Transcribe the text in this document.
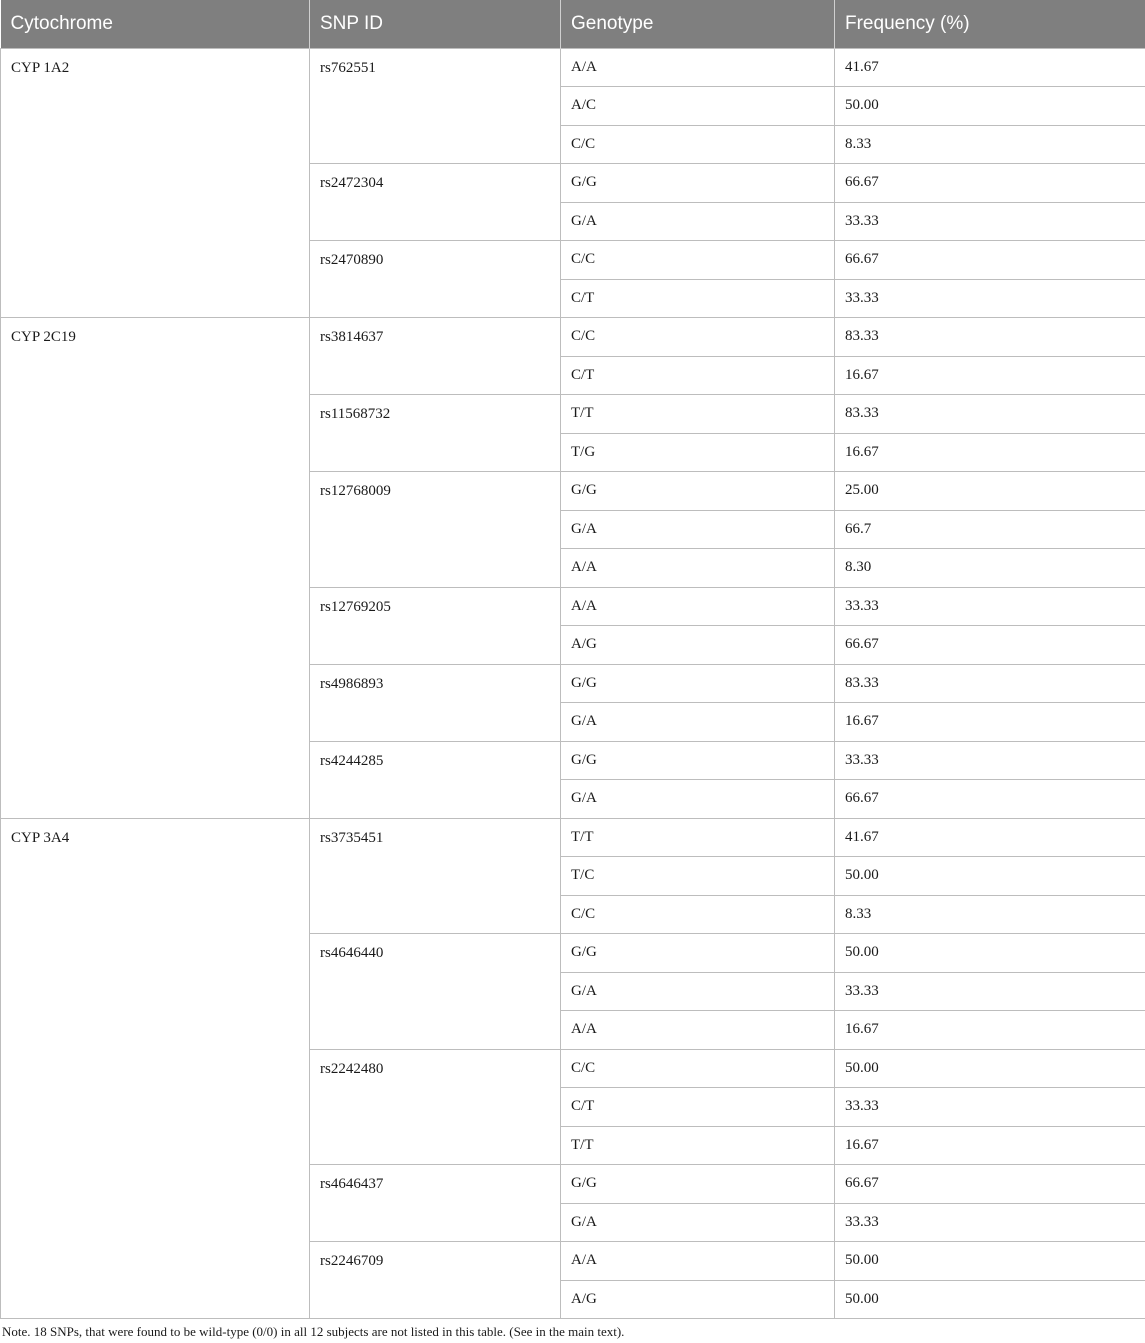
Cytochrome	SNP ID	Genotype	Frequency (%)
CYP 1A2	rs762551	A/A	41.67
		A/C	50.00
		C/C	8.33
	rs2472304	G/G	66.67
		G/A	33.33
	rs2470890	C/C	66.67
		C/T	33.33
CYP 2C19	rs3814637	C/C	83.33
		C/T	16.67
	rs11568732	T/T	83.33
		T/G	16.67
	rs12768009	G/G	25.00
		G/A	66.7
		A/A	8.30
	rs12769205	A/A	33.33
		A/G	66.67
	rs4986893	G/G	83.33
		G/A	16.67
	rs4244285	G/G	33.33
		G/A	66.67
CYP 3A4	rs3735451	T/T	41.67
		T/C	50.00
		C/C	8.33
	rs4646440	G/G	50.00
		G/A	33.33
		A/A	16.67
	rs2242480	C/C	50.00
		C/T	33.33
		T/T	16.67
	rs4646437	G/G	66.67
		G/A	33.33
	rs2246709	A/A	50.00
		A/G	50.00
Note. 18 SNPs, that were found to be wild-type (0/0) in all 12 subjects are not listed in this table. (See in the main text).
